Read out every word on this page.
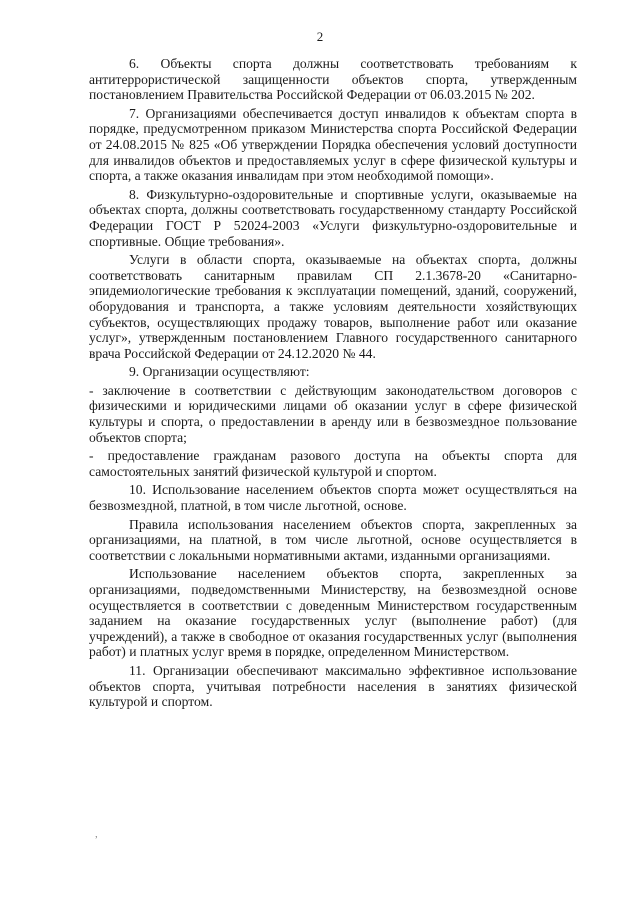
2

6. Объекты спорта должны соответствовать требованиям к антитеррористической защищенности объектов спорта, утвержденным постановлением Правительства Российской Федерации от 06.03.2015 № 202.

7. Организациями обеспечивается доступ инвалидов к объектам спорта в порядке, предусмотренном приказом Министерства спорта Российской Федерации от 24.08.2015 № 825 «Об утверждении Порядка обеспечения условий доступности для инвалидов объектов и предоставляемых услуг в сфере физической культуры и спорта, а также оказания инвалидам при этом необходимой помощи».

8. Физкультурно-оздоровительные и спортивные услуги, оказываемые на объектах спорта, должны соответствовать государственному стандарту Российской Федерации ГОСТ Р 52024-2003 «Услуги физкультурно-оздоровительные и спортивные. Общие требования».

Услуги в области спорта, оказываемые на объектах спорта, должны соответствовать санитарным правилам СП 2.1.3678-20 «Санитарно-эпидемиологические требования к эксплуатации помещений, зданий, сооружений, оборудования и транспорта, а также условиям деятельности хозяйствующих субъектов, осуществляющих продажу товаров, выполнение работ или оказание услуг», утвержденным постановлением Главного государственного санитарного врача Российской Федерации от 24.12.2020 № 44.

9. Организации осуществляют:

- заключение в соответствии с действующим законодательством договоров с физическими и юридическими лицами об оказании услуг в сфере физической культуры и спорта, о предоставлении в аренду или в безвозмездное пользование объектов спорта;

- предоставление гражданам разового доступа на объекты спорта для самостоятельных занятий физической культурой и спортом.

10. Использование населением объектов спорта может осуществляться на безвозмездной, платной, в том числе льготной, основе.

Правила использования населением объектов спорта, закрепленных за организациями, на платной, в том числе льготной, основе осуществляется в соответствии с локальными нормативными актами, изданными организациями.

Использование населением объектов спорта, закрепленных за организациями, подведомственными Министерству, на безвозмездной основе осуществляется в соответствии с доведенным Министерством государственным заданием на оказание государственных услуг (выполнение работ) (для учреждений), а также в свободное от оказания государственных услуг (выполнения работ) и платных услуг время в порядке, определенном Министерством.

11. Организации обеспечивают максимально эффективное использование объектов спорта, учитывая потребности населения в занятиях физической культурой и спортом.

,
